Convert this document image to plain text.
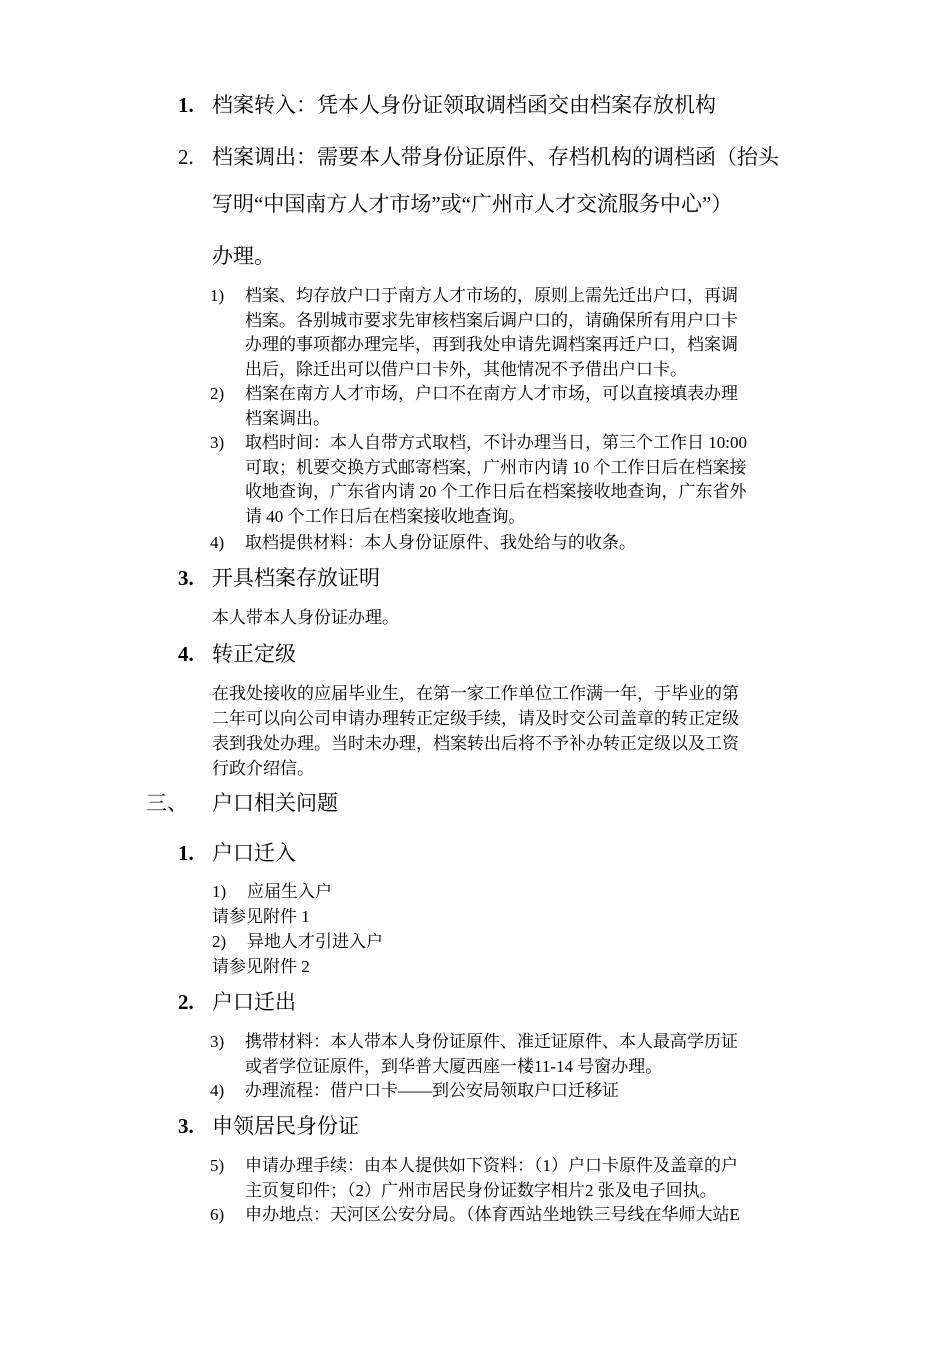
1. 档案转入：凭本人身份证领取调档函交由档案存放机构
2. 档案调出：需要本人带身份证原件、存档机构的调档函（抬头
写明“中国南方人才市场”或“广州市人才交流服务中心”）
办理。
1) 档案、均存放户口于南方人才市场的，原则上需先迁出户口，再调
档案。各别城市要求先审核档案后调户口的，请确保所有用户口卡
办理的事项都办理完毕，再到我处申请先调档案再迁户口，档案调
出后，除迁出可以借户口卡外，其他情况不予借出户口卡。
2) 档案在南方人才市场，户口不在南方人才市场，可以直接填表办理
档案调出。
3) 取档时间：本人自带方式取档，不计办理当日，第三个工作日 10:00
可取；机要交换方式邮寄档案，广州市内请 10 个工作日后在档案接
收地查询，广东省内请 20 个工作日后在档案接收地查询，广东省外
请 40 个工作日后在档案接收地查询。
4) 取档提供材料：本人身份证原件、我处给与的收条。
3. 开具档案存放证明
本人带本人身份证办理。
4. 转正定级
在我处接收的应届毕业生，在第一家工作单位工作满一年，于毕业的第
二年可以向公司申请办理转正定级手续，请及时交公司盖章的转正定级
表到我处办理。当时未办理，档案转出后将不予补办转正定级以及工资
行政介绍信。
三、 户口相关问题
1. 户口迁入
1) 应届生入户
请参见附件 1
2) 异地人才引进入户
请参见附件 2
2. 户口迁出
3) 携带材料：本人带本人身份证原件、准迁证原件、本人最高学历证
或者学位证原件，到华普大厦西座一楼11-14 号窗办理。
4) 办理流程：借户口卡——到公安局领取户口迁移证
3. 申领居民身份证
5) 申请办理手续：由本人提供如下资料：（1）户口卡原件及盖章的户
主页复印件；（2）广州市居民身份证数字相片2 张及电子回执。
6) 申办地点：天河区公安分局。（体育西站坐地铁三号线在华师大站E
